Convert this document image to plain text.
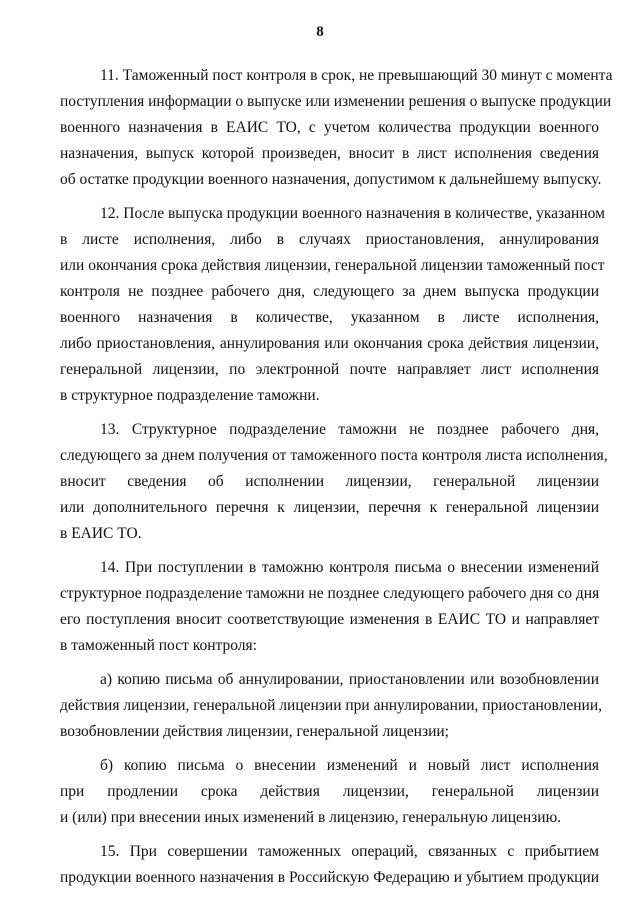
8
11. Таможенный пост контроля в срок, не превышающий 30 минут с момента
поступления информации о выпуске или изменении решения о выпуске продукции
военного назначения в ЕАИС ТО, с учетом количества продукции военного
назначения, выпуск которой произведен, вносит в лист исполнения сведения
об остатке продукции военного назначения, допустимом к дальнейшему выпуску.
12. После выпуска продукции военного назначения в количестве, указанном
в листе исполнения, либо в случаях приостановления, аннулирования
или окончания срока действия лицензии, генеральной лицензии таможенный пост
контроля не позднее рабочего дня, следующего за днем выпуска продукции
военного назначения в количестве, указанном в листе исполнения,
либо приостановления, аннулирования или окончания срока действия лицензии,
генеральной лицензии, по электронной почте направляет лист исполнения
в структурное подразделение таможни.
13. Структурное подразделение таможни не позднее рабочего дня,
следующего за днем получения от таможенного поста контроля листа исполнения,
вносит сведения об исполнении лицензии, генеральной лицензии
или дополнительного перечня к лицензии, перечня к генеральной лицензии
в ЕАИС ТО.
14. При поступлении в таможню контроля письма о внесении изменений
структурное подразделение таможни не позднее следующего рабочего дня со дня
его поступления вносит соответствующие изменения в ЕАИС ТО и направляет
в таможенный пост контроля:
а) копию письма об аннулировании, приостановлении или возобновлении
действия лицензии, генеральной лицензии при аннулировании, приостановлении,
возобновлении действия лицензии, генеральной лицензии;
б) копию письма о внесении изменений и новый лист исполнения
при продлении срока действия лицензии, генеральной лицензии
и (или) при внесении иных изменений в лицензию, генеральную лицензию.
15. При совершении таможенных операций, связанных с прибытием
продукции военного назначения в Российскую Федерацию и убытием продукции
